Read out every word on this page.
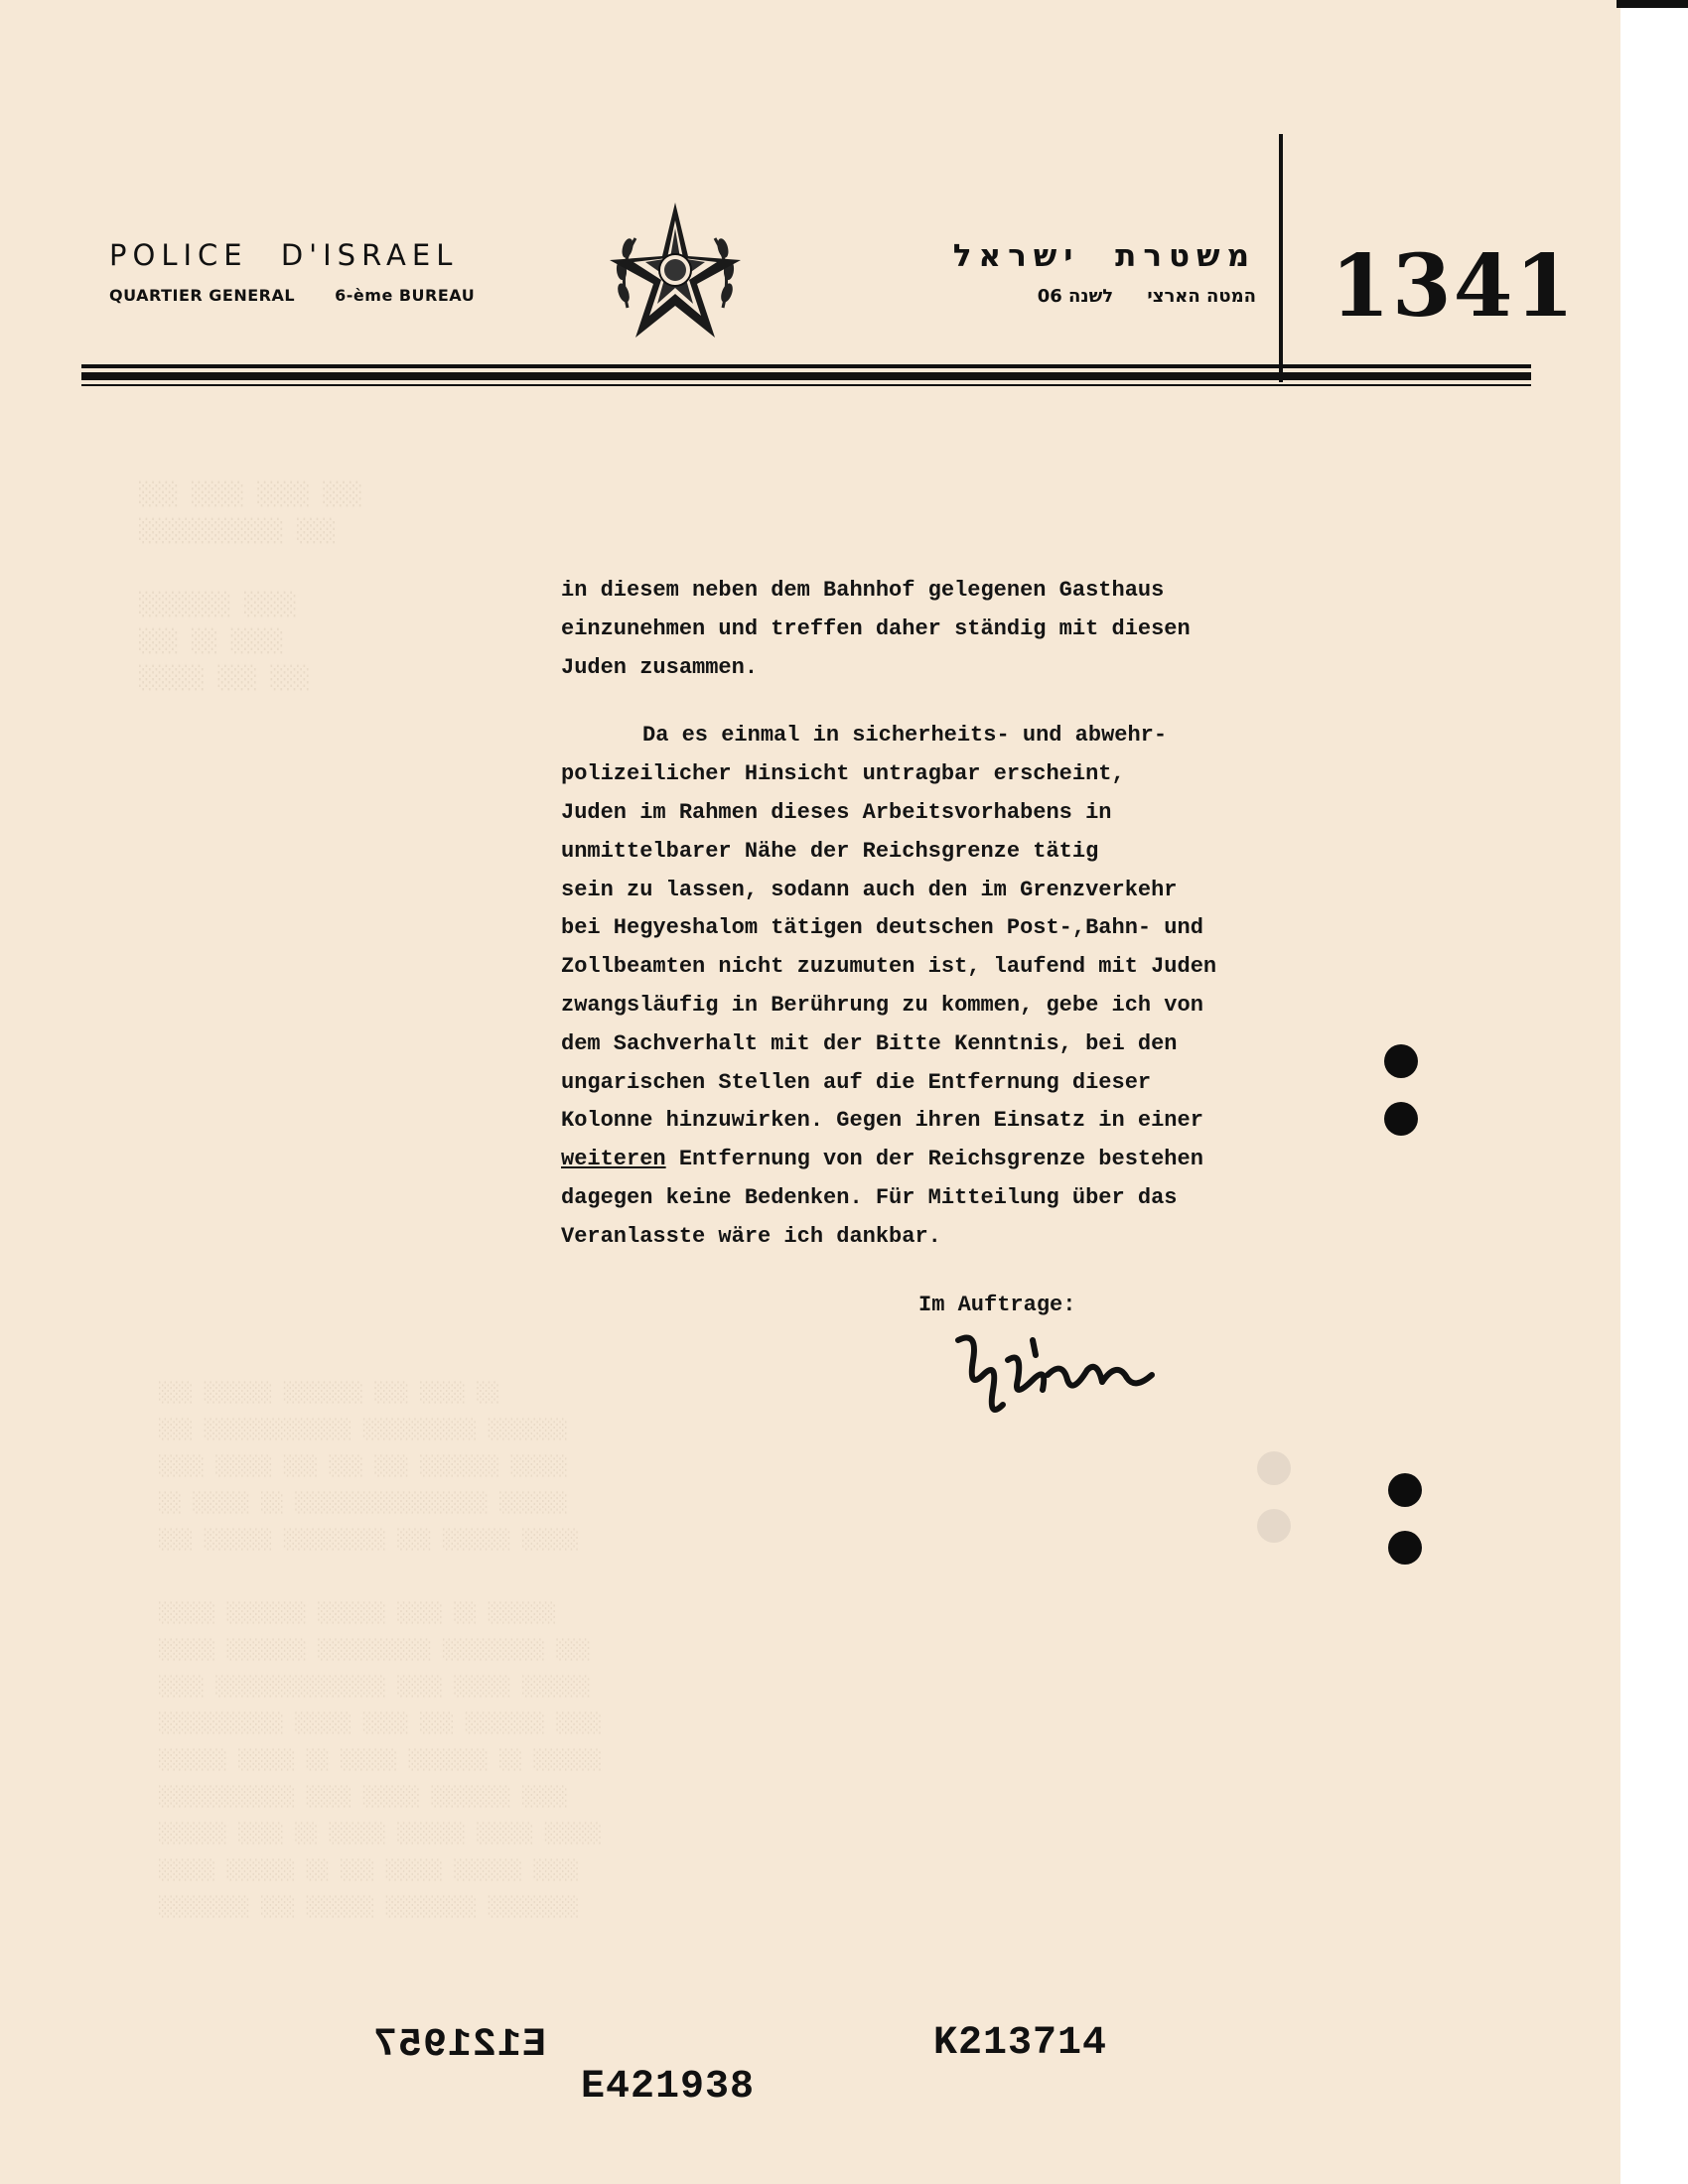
░░░ ░░░░░░ ░░░░░░░ ░░░ ░░░░ ░░
░░░ ░░░░░░░░░░░░░ ░░░░░░░░░░ ░░░░░░░
░░░░ ░░░░░ ░░░ ░░░ ░░░ ░░░░░░░ ░░░░░
░░ ░░░░░ ░░ ░░░░░░░░░░░░░░░░░ ░░░░░░
░░░ ░░░░░░ ░░░░░░░░░ ░░░ ░░░░░░ ░░░░░

░░░░░ ░░░░░░░ ░░░░░░ ░░░░ ░░ ░░░░░░
░░░░░ ░░░░░░░ ░░░░░░░░░░ ░░░░░░░░░ ░░░
░░░░ ░░░░░░░░░░░░░░░ ░░░░ ░░░░░ ░░░░░░
░░░░░░░░░░░ ░░░░░ ░░░░ ░░░ ░░░░░░░ ░░░░
░░░░░░ ░░░░░ ░░ ░░░░░ ░░░░░░░ ░░ ░░░░░░
░░░░░░░░░░░░ ░░░░ ░░░░░ ░░░░░░░ ░░░░
░░░░░░ ░░░░ ░░ ░░░░░ ░░░░░░ ░░░░░ ░░░░░
░░░░░ ░░░░░░ ░░ ░░░ ░░░░░ ░░░░░░ ░░░░
░░░░░░░░ ░░░ ░░░░░░ ░░░░░░░░ ░░░░░░░░
░░░ ░░░░ ░░░░ ░░░
░░░░░░░░░░░ ░░░

░░░░░░░ ░░░░
░░░ ░░ ░░░░
░░░░░ ░░░ ░░░
POLICE D'ISRAEL
QUARTIER GENERAL	6-ème BUREAU
משטרת ישראל
המטה הארצי לשנה 06	1341

in diesem neben dem Bahnhof gelegenen Gasthaus

einzunehmen und treffen daher ständig mit diesen

Juden zusammen.

Da es einmal in sicherheits- und abwehr-

polizeilicher Hinsicht untragbar erscheint,

Juden im Rahmen dieses Arbeitsvorhabens in

unmittelbarer Nähe der Reichsgrenze tätig

sein zu lassen, sodann auch den im Grenzverkehr

bei Hegyeshalom tätigen deutschen Post-,Bahn- und

Zollbeamten nicht zuzumuten ist, laufend mit Juden

zwangsläufig in Berührung zu kommen, gebe ich von

dem Sachverhalt mit der Bitte Kenntnis, bei den

ungarischen Stellen auf die Entfernung dieser

Kolonne hinzuwirken. Gegen ihren Einsatz in einer

weiteren Entfernung von der Reichsgrenze bestehen

dagegen keine Bedenken. Für Mitteilung über das

Veranlasste wäre ich dankbar.

Im Auftrage:
E121957
E421938
K213714
